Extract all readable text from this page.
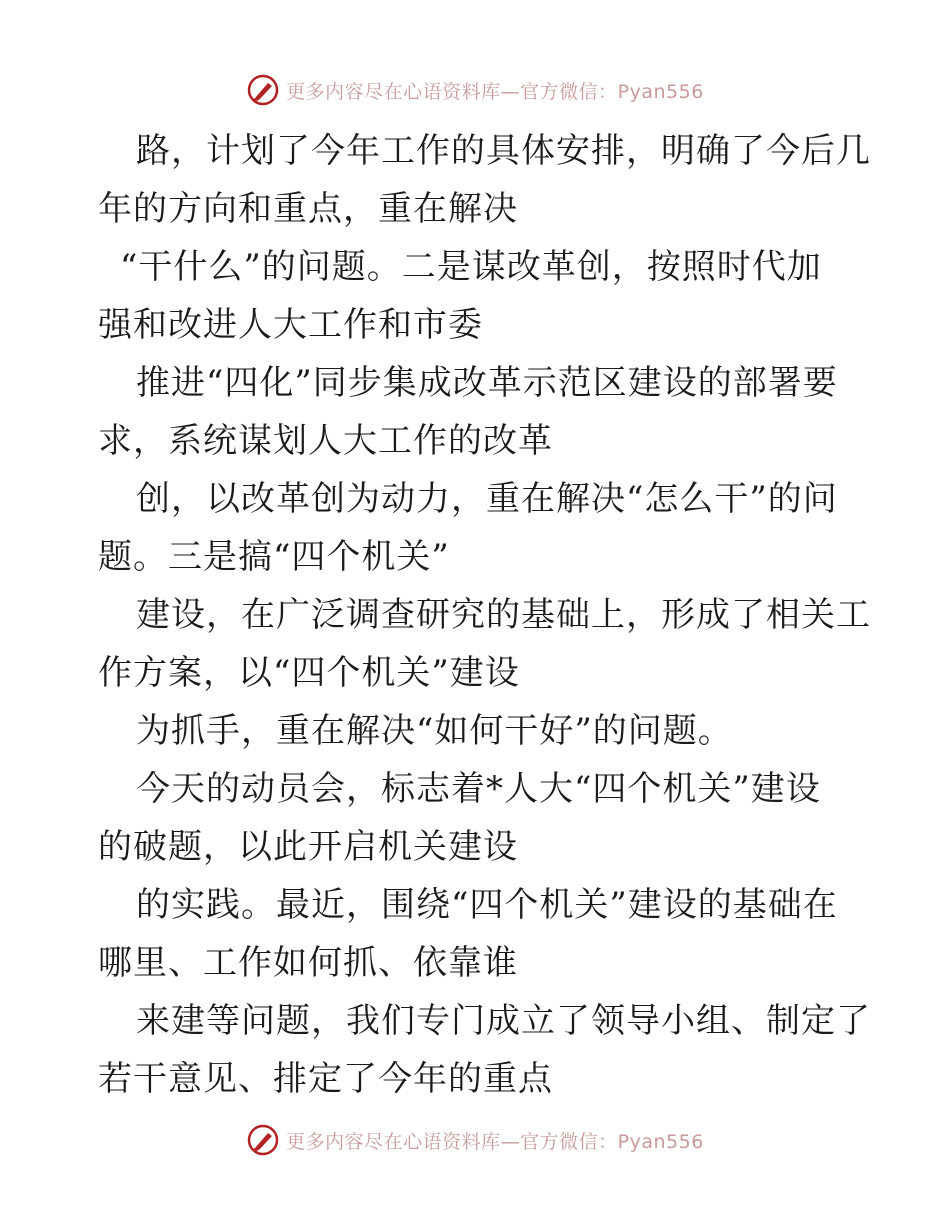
更多内容尽在心语资料库—官方微信：Pyan556
路，计划了今年工作的具体安排，明确了今后几
年的方向和重点，重在解决
“干什么”的问题。二是谋改革创，按照时代加
强和改进人大工作和市委
推进“四化”同步集成改革示范区建设的部署要
求，系统谋划人大工作的改革
创，以改革创为动力，重在解决“怎么干”的问
题。三是搞“四个机关”
建设，在广泛调查研究的基础上，形成了相关工
作方案，以“四个机关”建设
为抓手，重在解决“如何干好”的问题。
今天的动员会，标志着*人大“四个机关”建设
的破题，以此开启机关建设
的实践。最近，围绕“四个机关”建设的基础在
哪里、工作如何抓、依靠谁
来建等问题，我们专门成立了领导小组、制定了
若干意见、排定了今年的重点
更多内容尽在心语资料库—官方微信：Pyan556
